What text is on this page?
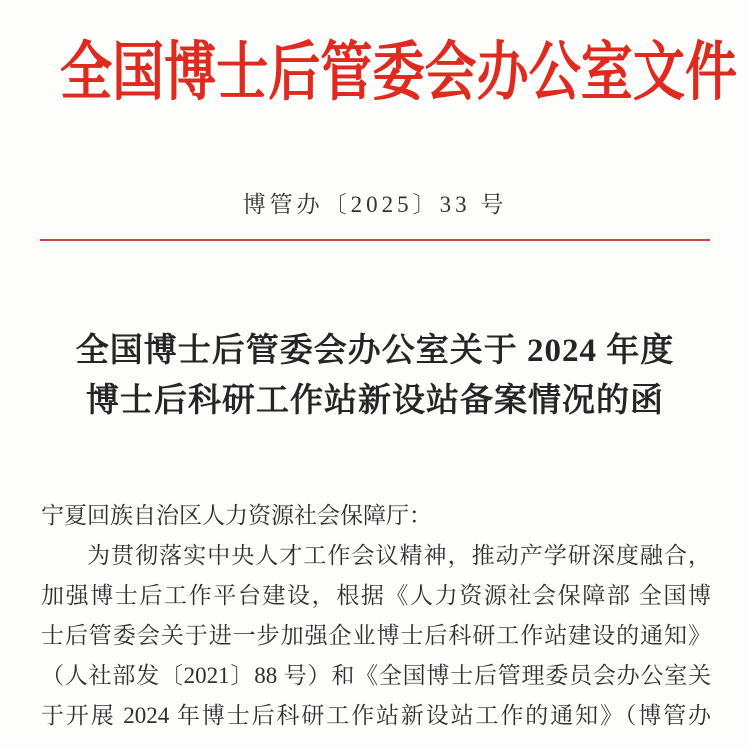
全国博士后管委会办公室文件
博管办〔2025〕33 号
全国博士后管委会办公室关于 2024 年度
博士后科研工作站新设站备案情况的函
宁夏回族自治区人力资源社会保障厅：
为贯彻落实中央人才工作会议精神，推动产学研深度融合，
加强博士后工作平台建设，根据《人力资源社会保障部 全国博
士后管委会关于进一步加强企业博士后科研工作站建设的通知》
（人社部发〔2021〕88 号）和《全国博士后管理委员会办公室关
于开展 2024 年博士后科研工作站新设站工作的通知》（博管办
